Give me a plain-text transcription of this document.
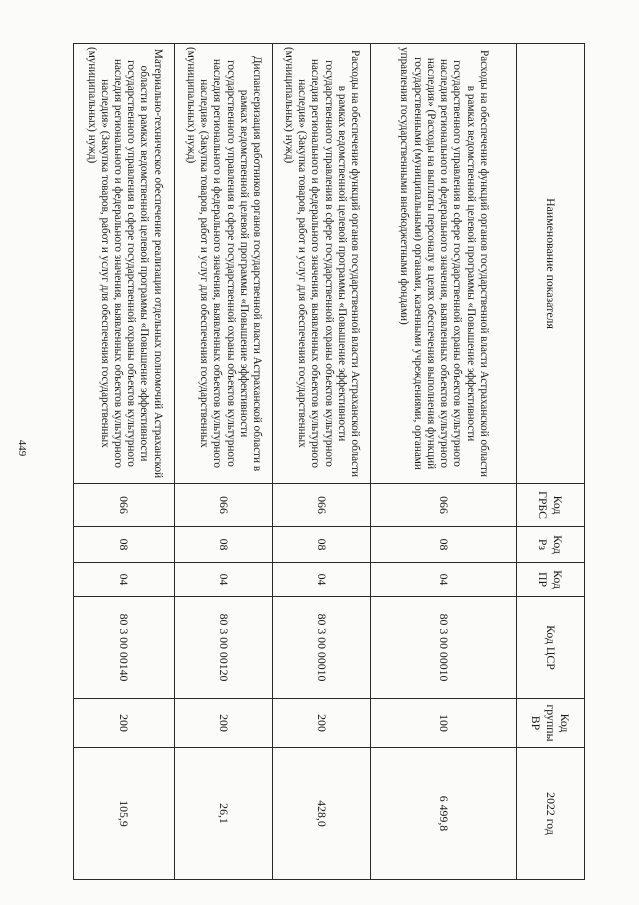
449
Наименование показателя	Код ГРБС	Код Рз	Код ПР	Код ЦСР	Код группы ВР	2022 год
Расходы на обеспечение функций органов государственной власти Астраханской области в рамках ведомственной целевой программы «Повышение эффективности государственного управления в сфере государственной охраны объектов культурного наследия регионального и федерального значения, выявленных объектов культурного наследия» (Расходы на выплаты персоналу в целях обеспечения выполнения функций государственными (муниципальными) органами, казенными учреждениями, органами управления государственными внебюджетными фондами)	066	08	04	80 3 00 00010	100	6 499,8
Расходы на обеспечение функций органов государственной власти Астраханской области в рамках ведомственной целевой программы «Повышение эффективности государственного управления в сфере государственной охраны объектов культурного наследия регионального и федерального значения, выявленных объектов культурного наследия» (Закупка товаров, работ и услуг для обеспечения государственных (муниципальных) нужд)	066	08	04	80 3 00 00010	200	428,0
Диспансеризация работников органов государственной власти Астраханской области в рамках ведомственной целевой программы «Повышение эффективности государственного управления в сфере государственной охраны объектов культурного наследия регионального и федерального значения, выявленных объектов культурного наследия» (Закупка товаров, работ и услуг для обеспечения государственных (муниципальных) нужд)	066	08	04	80 3 00 00120	200	26,1
Материально-техническое обеспечение реализации отдельных полномочий Астраханской области в рамках ведомственной целевой программы «Повышение эффективности государственного управления в сфере государственной охраны объектов культурного наследия регионального и федерального значения, выявленных объектов культурного наследия» (Закупка товаров, работ и услуг для обеспечения государственных (муниципальных) нужд)	066	08	04	80 3 00 00140	200	105,9
